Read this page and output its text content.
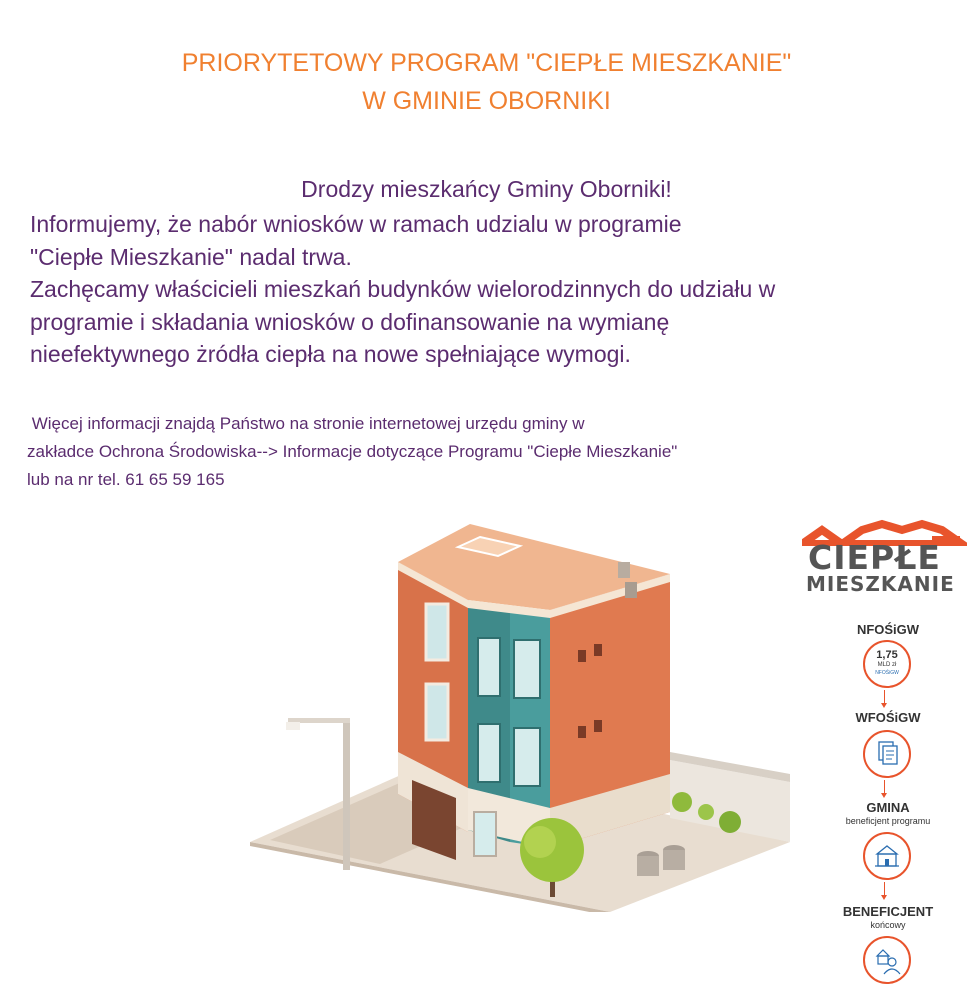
PRIORYTETOWY PROGRAM "CIEPŁE MIESZKANIE"
W GMINIE OBORNIKI
Drodzy mieszkańcy Gminy Oborniki!
Informujemy, że nabór wniosków w ramach udzialu w programie
"Ciepłe Mieszkanie" nadal trwa.
Zachęcamy właścicieli mieszkań budynków wielorodzinnych do udziału w
programie i składania wniosków o dofinansowanie na wymianę
nieefektywnego żródła ciepła na nowe spełniające wymogi.
Więcej informacji znajdą Państwo na stronie internetowej urzędu gminy w
zakładce Ochrona Środowiska--> Informacje dotyczące Programu "Ciepłe Mieszkanie"
lub na nr tel. 61 65 59 165
CIEPŁE
MIESZKANIE
NFOŚiGW
1,75
MLD zł
NFOŚiGW
WFOŚiGW
GMINA
beneficjent programu
BENEFICJENT
końcowy
